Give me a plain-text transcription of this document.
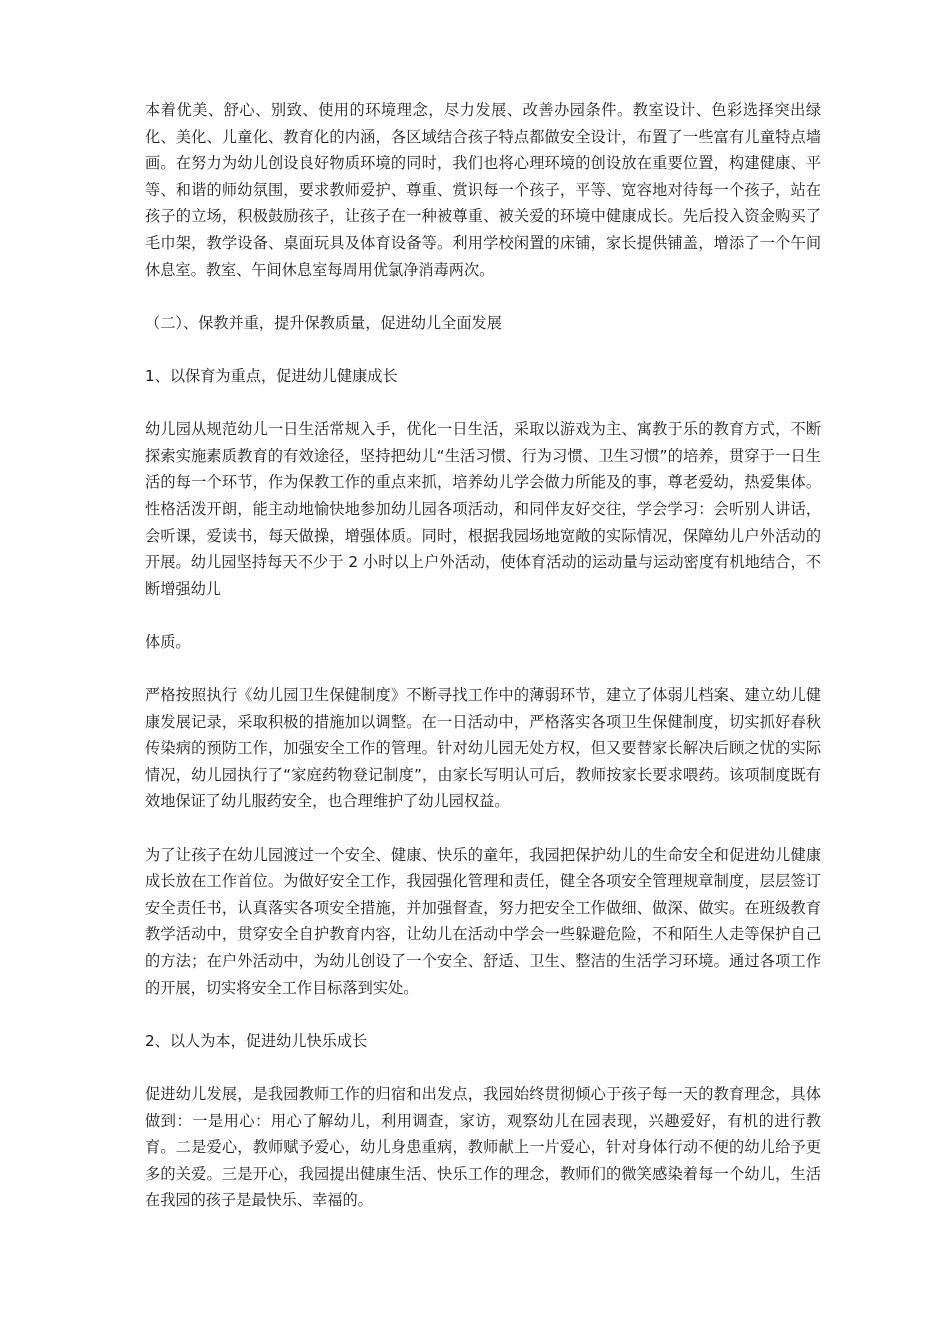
本着优美、舒心、别致、使用的环境理念，尽力发展、改善办园条件。教室设计、色彩选择突出绿化、美化、儿童化、教育化的内涵，各区域结合孩子特点都做安全设计，布置了一些富有儿童特点墙画。在努力为幼儿创设良好物质环境的同时，我们也将心理环境的创设放在重要位置，构建健康、平等、和谐的师幼氛围，要求教师爱护、尊重、赏识每一个孩子，平等、宽容地对待每一个孩子，站在孩子的立场，积极鼓励孩子，让孩子在一种被尊重、被关爱的环境中健康成长。先后投入资金购买了毛巾架，教学设备、桌面玩具及体育设备等。利用学校闲置的床铺，家长提供铺盖，增添了一个午间休息室。教室、午间休息室每周用优氯净消毒两次。

（二）、保教并重，提升保教质量，促进幼儿全面发展

1、以保育为重点，促进幼儿健康成长

幼儿园从规范幼儿一日生活常规入手，优化一日生活，采取以游戏为主、寓教于乐的教育方式，不断探索实施素质教育的有效途径，坚持把幼儿“生活习惯、行为习惯、卫生习惯”的培养，贯穿于一日生活的每一个环节，作为保教工作的重点来抓，培养幼儿学会做力所能及的事，尊老爱幼，热爱集体。性格活泼开朗，能主动地愉快地参加幼儿园各项活动，和同伴友好交往，学会学习：会听别人讲话，会听课，爱读书，每天做操，增强体质。同时，根据我园场地宽敞的实际情况，保障幼儿户外活动的开展。幼儿园坚持每天不少于 2 小时以上户外活动，使体育活动的运动量与运动密度有机地结合，不断增强幼儿

体质。

严格按照执行《幼儿园卫生保健制度》不断寻找工作中的薄弱环节，建立了体弱儿档案、建立幼儿健康发展记录，采取积极的措施加以调整。在一日活动中，严格落实各项卫生保健制度，切实抓好春秋传染病的预防工作，加强安全工作的管理。针对幼儿园无处方权，但又要替家长解决后顾之忧的实际情况，幼儿园执行了“家庭药物登记制度”，由家长写明认可后，教师按家长要求喂药。该项制度既有效地保证了幼儿服药安全，也合理维护了幼儿园权益。

为了让孩子在幼儿园渡过一个安全、健康、快乐的童年，我园把保护幼儿的生命安全和促进幼儿健康成长放在工作首位。为做好安全工作，我园强化管理和责任，健全各项安全管理规章制度，层层签订安全责任书，认真落实各项安全措施，并加强督查，努力把安全工作做细、做深、做实。在班级教育教学活动中，贯穿安全自护教育内容，让幼儿在活动中学会一些躲避危险，不和陌生人走等保护自己的方法；在户外活动中，为幼儿创设了一个安全、舒适、卫生、整洁的生活学习环境。通过各项工作的开展，切实将安全工作目标落到实处。

2、以人为本，促进幼儿快乐成长

促进幼儿发展，是我园教师工作的归宿和出发点，我园始终贯彻倾心于孩子每一天的教育理念，具体做到：一是用心：用心了解幼儿，利用调查，家访，观察幼儿在园表现，兴趣爱好，有机的进行教育。二是爱心，教师赋予爱心，幼儿身患重病，教师献上一片爱心，针对身体行动不便的幼儿给予更多的关爱。三是开心，我园提出健康生活、快乐工作的理念，教师们的微笑感染着每一个幼儿，生活在我园的孩子是最快乐、幸福的。
